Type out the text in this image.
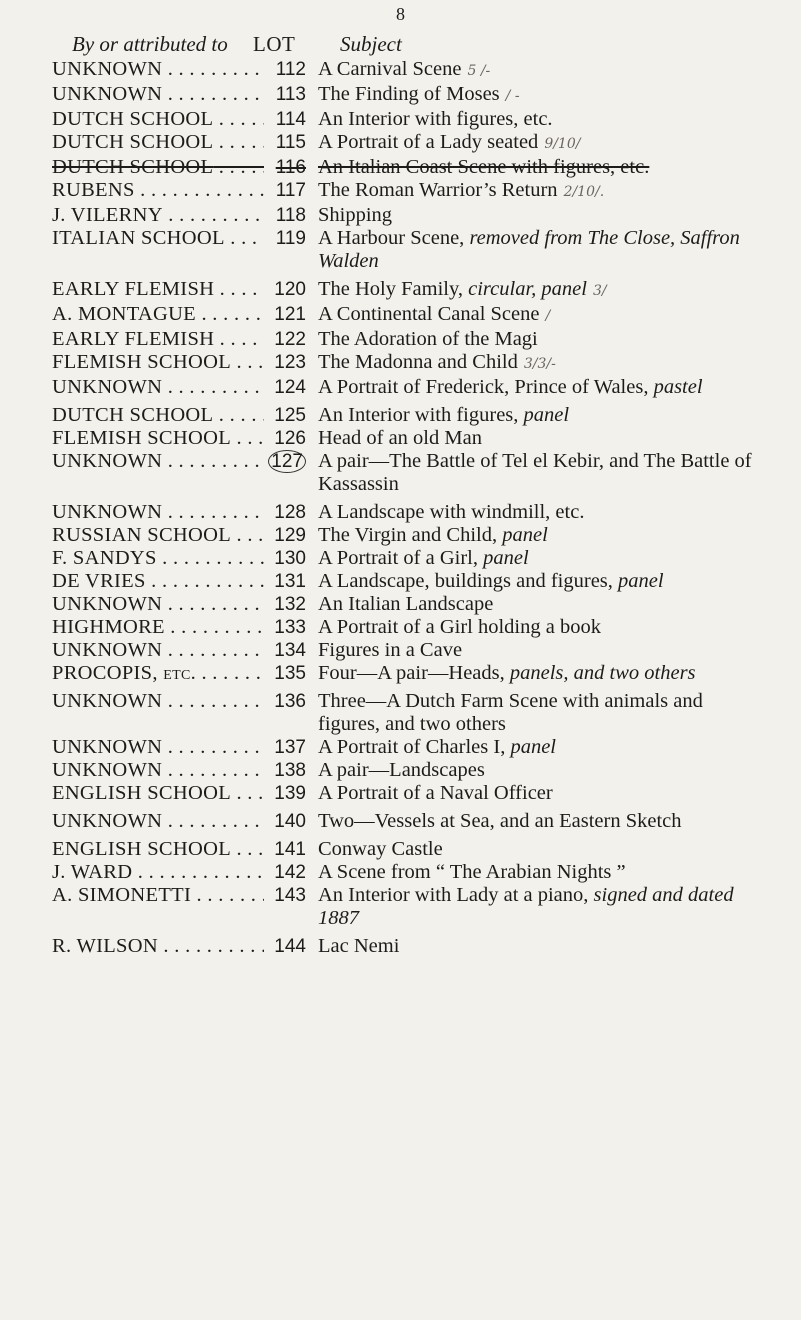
8
By or attributed to LOT Subject
UNKNOWN . . .	112 A Carnival Scene 5 /-
UNKNOWN . . .	113 The Finding of Moses / -
DUTCH SCHOOL . . .	114 An Interior with figures, etc.
DUTCH SCHOOL . . .	115 A Portrait of a Lady seated 9/10/
DUTCH SCHOOL . . .	116 An Italian Coast Scene with figures, etc.
RUBENS . . .	117 The Roman Warrior’s Return 2/10/.
J. VILERNY . . .	118 Shipping
ITALIAN SCHOOL . . .	119 A Harbour Scene, removed from The Close, Saffron Walden
EARLY FLEMISH . . .	120 The Holy Family, circular, panel 3/
A. MONTAGUE . . .	121 A Continental Canal Scene /
EARLY FLEMISH . . .	122 The Adoration of the Magi
FLEMISH SCHOOL . . .	123 The Madonna and Child 3/3/-
UNKNOWN . . .	124 A Portrait of Frederick, Prince of Wales, pastel
DUTCH SCHOOL . . .	125 An Interior with figures, panel
FLEMISH SCHOOL . . .	126 Head of an old Man
UNKNOWN . . .	127 A pair—The Battle of Tel el Kebir, and The Battle of Kassassin
UNKNOWN . . .	128 A Landscape with windmill, etc.
RUSSIAN SCHOOL . . .	129 The Virgin and Child, panel
F. SANDYS . . .	130 A Portrait of a Girl, panel
DE VRIES . . .	131 A Landscape, buildings and figures, panel
UNKNOWN . . .	132 An Italian Landscape
HIGHMORE . . .	133 A Portrait of a Girl holding a book
UNKNOWN . . .	134 Figures in a Cave
PROCOPIS, etc. . . .	135 Four—A pair—Heads, panels, and two others
UNKNOWN . . .	136 Three—A Dutch Farm Scene with animals and figures, and two others
UNKNOWN . . .	137 A Portrait of Charles I, panel
UNKNOWN . . .	138 A pair—Landscapes
ENGLISH SCHOOL . . .	139 A Portrait of a Naval Officer
UNKNOWN . . .	140 Two—Vessels at Sea, and an Eastern Sketch
ENGLISH SCHOOL . . .	141 Conway Castle
J. WARD . . .	142 A Scene from “ The Arabian Nights ”
A. SIMONETTI . . .	143 An Interior with Lady at a piano, signed and dated 1887
R. WILSON . . .	144 Lac Nemi
